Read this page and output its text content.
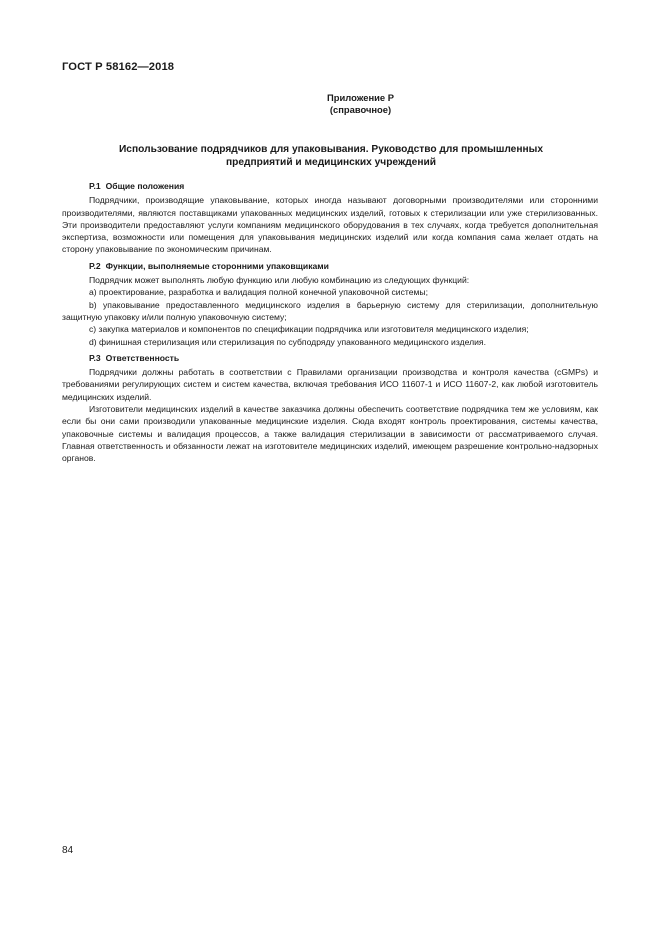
ГОСТ Р 58162—2018
Приложение Р
(справочное)
Использование подрядчиков для упаковывания. Руководство для промышленных
предприятий и медицинских учреждений
Р.1 Общие положения

Подрядчики, производящие упаковывание, которых иногда называют договорными производителями или сторонними производителями, являются поставщиками упакованных медицинских изделий, готовых к стерилизации или уже стерилизованных. Эти производители предоставляют услуги компаниям медицинского оборудования в тех случаях, когда требуется дополнительная экспертиза, возможности или помещения для упаковывания медицинских изделий или когда компания сама желает отдать на сторону упаковывание по экономическим причинам.

Р.2 Функции, выполняемые сторонними упаковщиками

Подрядчик может выполнять любую функцию или любую комбинацию из следующих функций:

a) проектирование, разработка и валидация полной конечной упаковочной системы;

b) упаковывание предоставленного медицинского изделия в барьерную систему для стерилизации, дополнительную защитную упаковку и/или полную упаковочную систему;

c) закупка материалов и компонентов по спецификации подрядчика или изготовителя медицинского изделия;

d) финишная стерилизация или стерилизация по субподряду упакованного медицинского изделия.

Р.3 Ответственность

Подрядчики должны работать в соответствии с Правилами организации производства и контроля качества (cGMPs) и требованиями регулирующих систем и систем качества, включая требования ИСО 11607-1 и ИСО 11607-2, как любой изготовитель медицинских изделий.

Изготовители медицинских изделий в качестве заказчика должны обеспечить соответствие подрядчика тем же условиям, как если бы они сами производили упакованные медицинские изделия. Сюда входят контроль проектирования, системы качества, упаковочные системы и валидация процессов, а также валидация стерилизации в зависимости от рассматриваемого случая. Главная ответственность и обязанности лежат на изготовителе медицинских изделий, имеющем разрешение контрольно-надзорных органов.

84
